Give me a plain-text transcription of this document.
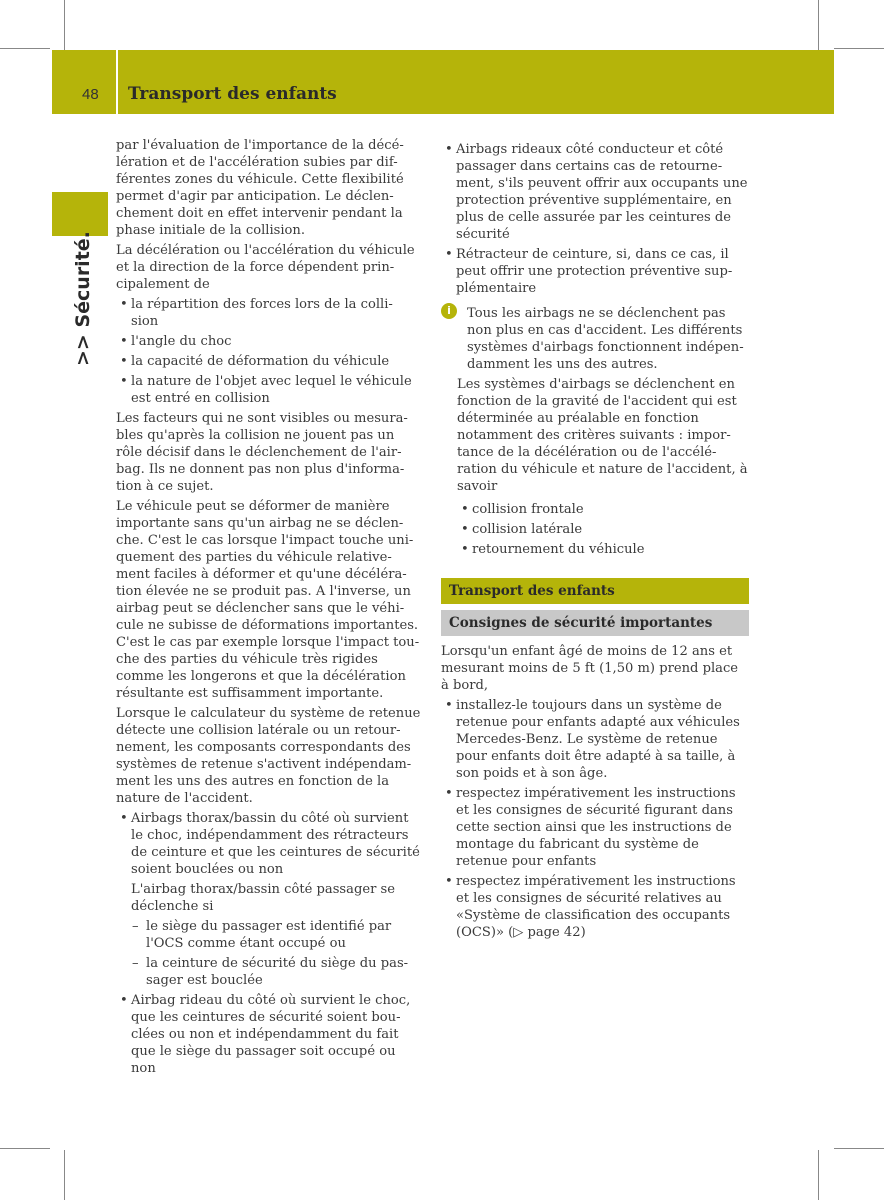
48 Transport des enfants
>> Sécurité.

par l'évaluation de l'importance de la décé- lération et de l'accélération subies par dif- férentes zones du véhicule. Cette flexibilité permet d'agir par anticipation. Le déclen- chement doit en effet intervenir pendant la phase initiale de la collision.

La décélération ou l'accélération du véhicule et la direction de la force dépendent prin- cipalement de

• la répartition des forces lors de la colli- sion
• l'angle du choc
• la capacité de déformation du véhicule
• la nature de l'objet avec lequel le véhicule est entré en collision

Les facteurs qui ne sont visibles ou mesura- bles qu'après la collision ne jouent pas un rôle décisif dans le déclenchement de l'air- bag. Ils ne donnent pas non plus d'informa- tion à ce sujet.

Le véhicule peut se déformer de manière importante sans qu'un airbag ne se déclen- che. C'est le cas lorsque l'impact touche uni- quement des parties du véhicule relative- ment faciles à déformer et qu'une décéléra- tion élevée ne se produit pas. A l'inverse, un airbag peut se déclencher sans que le véhi- cule ne subisse de déformations importantes. C'est le cas par exemple lorsque l'impact tou- che des parties du véhicule très rigides comme les longerons et que la décélération résultante est suffisamment importante.

Lorsque le calculateur du système de retenue détecte une collision latérale ou un retour- nement, les composants correspondants des systèmes de retenue s'activent indépendam- ment les uns des autres en fonction de la nature de l'accident.

• Airbags thorax/bassin du côté où survient le choc, indépendamment des rétracteurs de ceinture et que les ceintures de sécurité soient bouclées ou non
L'airbag thorax/bassin côté passager se déclenche si
– le siège du passager est identifié par l'OCS comme étant occupé ou
– la ceinture de sécurité du siège du pas- sager est bouclée
• Airbag rideau du côté où survient le choc, que les ceintures de sécurité soient bou- clées ou non et indépendamment du fait que le siège du passager soit occupé ou non
• Airbags rideaux côté conducteur et côté passager dans certains cas de retourne- ment, s'ils peuvent offrir aux occupants une protection préventive supplémentaire, en plus de celle assurée par les ceintures de sécurité
• Rétracteur de ceinture, si, dans ce cas, il peut offrir une protection préventive sup- plémentaire
i	Tous les airbags ne se déclenchent pas non plus en cas d'accident. Les différents systèmes d'airbags fonctionnent indépen- damment les uns des autres.
Les systèmes d'airbags se déclenchent en fonction de la gravité de l'accident qui est déterminée au préalable en fonction notamment des critères suivants : impor- tance de la décélération ou de l'accélé- ration du véhicule et nature de l'accident, à savoir
• collision frontale
• collision latérale
• retournement du véhicule
Transport des enfants
Consignes de sécurité importantes

Lorsqu'un enfant âgé de moins de 12 ans et mesurant moins de 5 ft (1,50 m) prend place à bord,

• installez-le toujours dans un système de retenue pour enfants adapté aux véhicules Mercedes-Benz. Le système de retenue pour enfants doit être adapté à sa taille, à son poids et à son âge.
• respectez impérativement les instructions et les consignes de sécurité figurant dans cette section ainsi que les instructions de montage du fabricant du système de retenue pour enfants
• respectez impérativement les instructions et les consignes de sécurité relatives au «Système de classification des occupants (OCS)» (▷ page 42)
